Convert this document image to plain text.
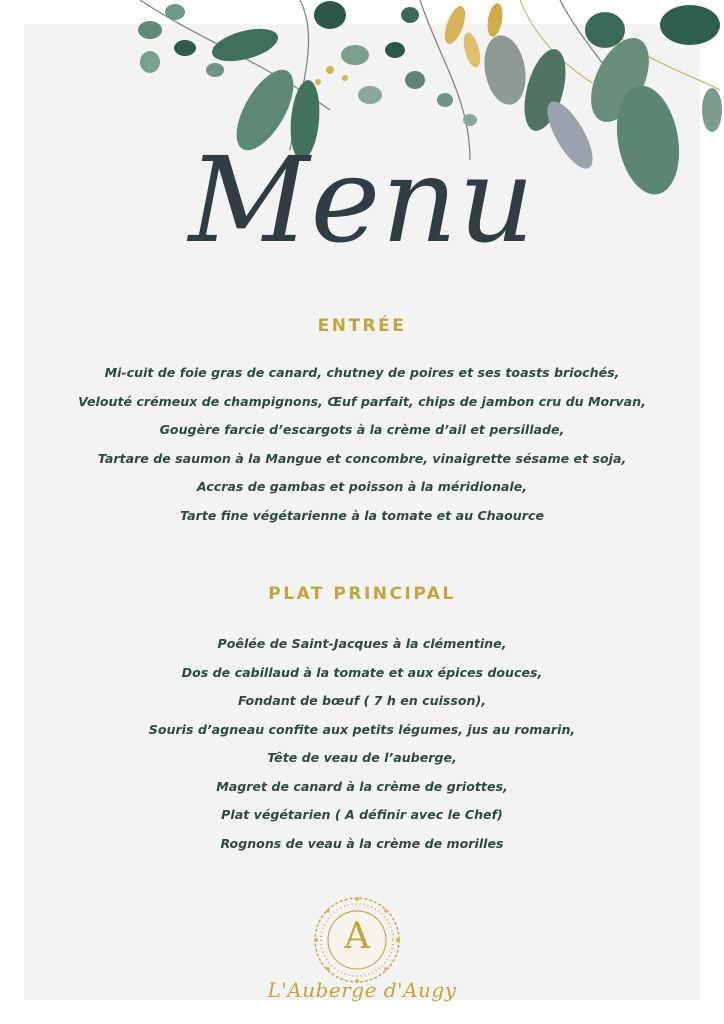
Menu
ENTRÉE
Mi-cuit de foie gras de canard, chutney de poires et ses toasts briochés,
Velouté crémeux de champignons, Œuf parfait, chips de jambon cru du Morvan,
Gougère farcie d’escargots à la crème d’ail et persillade,
Tartare de saumon à la Mangue et concombre, vinaigrette sésame et soja,
Accras de gambas et poisson à la méridionale,
Tarte fine végétarienne à la tomate et au Chaource
PLAT PRINCIPAL
Poêlée de Saint-Jacques à la clémentine,
Dos de cabillaud à la tomate et aux épices douces,
Fondant de bœuf ( 7 h en cuisson),
Souris d’agneau confite aux petits légumes, jus au romarin,
Tête de veau de l’auberge,
Magret de canard à la crème de griottes,
Plat végétarien ( A définir avec le Chef)
Rognons de veau à la crème de morilles
A
L'Auberge d'Augy
